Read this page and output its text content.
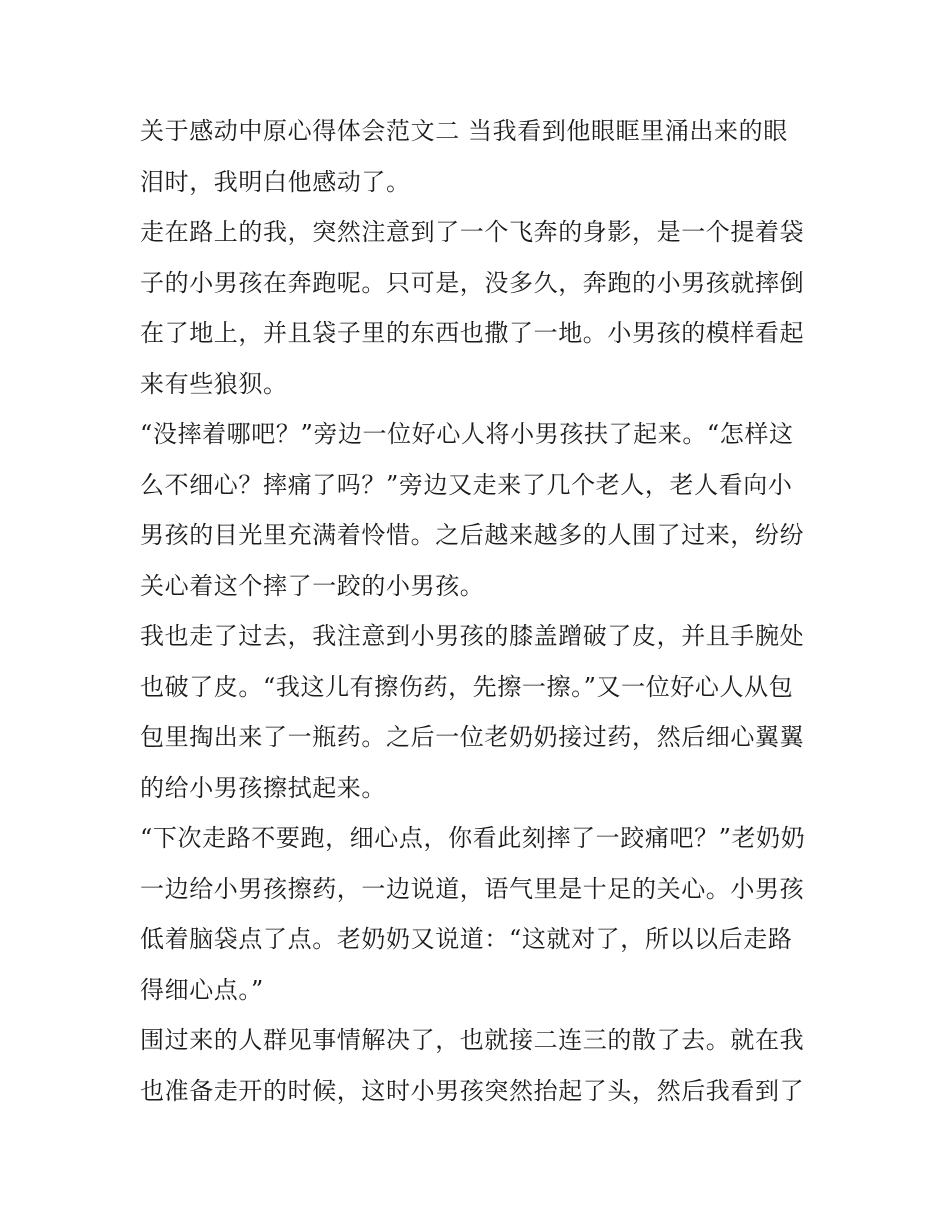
关于感动中原心得体会范文二 当我看到他眼眶里涌出来的眼
泪时，我明白他感动了。
走在路上的我，突然注意到了一个飞奔的身影，是一个提着袋
子的小男孩在奔跑呢。只可是，没多久，奔跑的小男孩就摔倒
在了地上，并且袋子里的东西也撒了一地。小男孩的模样看起
来有些狼狈。
“没摔着哪吧？”旁边一位好心人将小男孩扶了起来。“怎样这
么不细心？摔痛了吗？”旁边又走来了几个老人，老人看向小
男孩的目光里充满着怜惜。之后越来越多的人围了过来，纷纷
关心着这个摔了一跤的小男孩。
我也走了过去，我注意到小男孩的膝盖蹭破了皮，并且手腕处
也破了皮。“我这儿有擦伤药，先擦一擦。”又一位好心人从包
包里掏出来了一瓶药。之后一位老奶奶接过药，然后细心翼翼
的给小男孩擦拭起来。
“下次走路不要跑，细心点，你看此刻摔了一跤痛吧？”老奶奶
一边给小男孩擦药，一边说道，语气里是十足的关心。小男孩
低着脑袋点了点。老奶奶又说道：“这就对了，所以以后走路
得细心点。”
围过来的人群见事情解决了，也就接二连三的散了去。就在我
也准备走开的时候，这时小男孩突然抬起了头，然后我看到了
